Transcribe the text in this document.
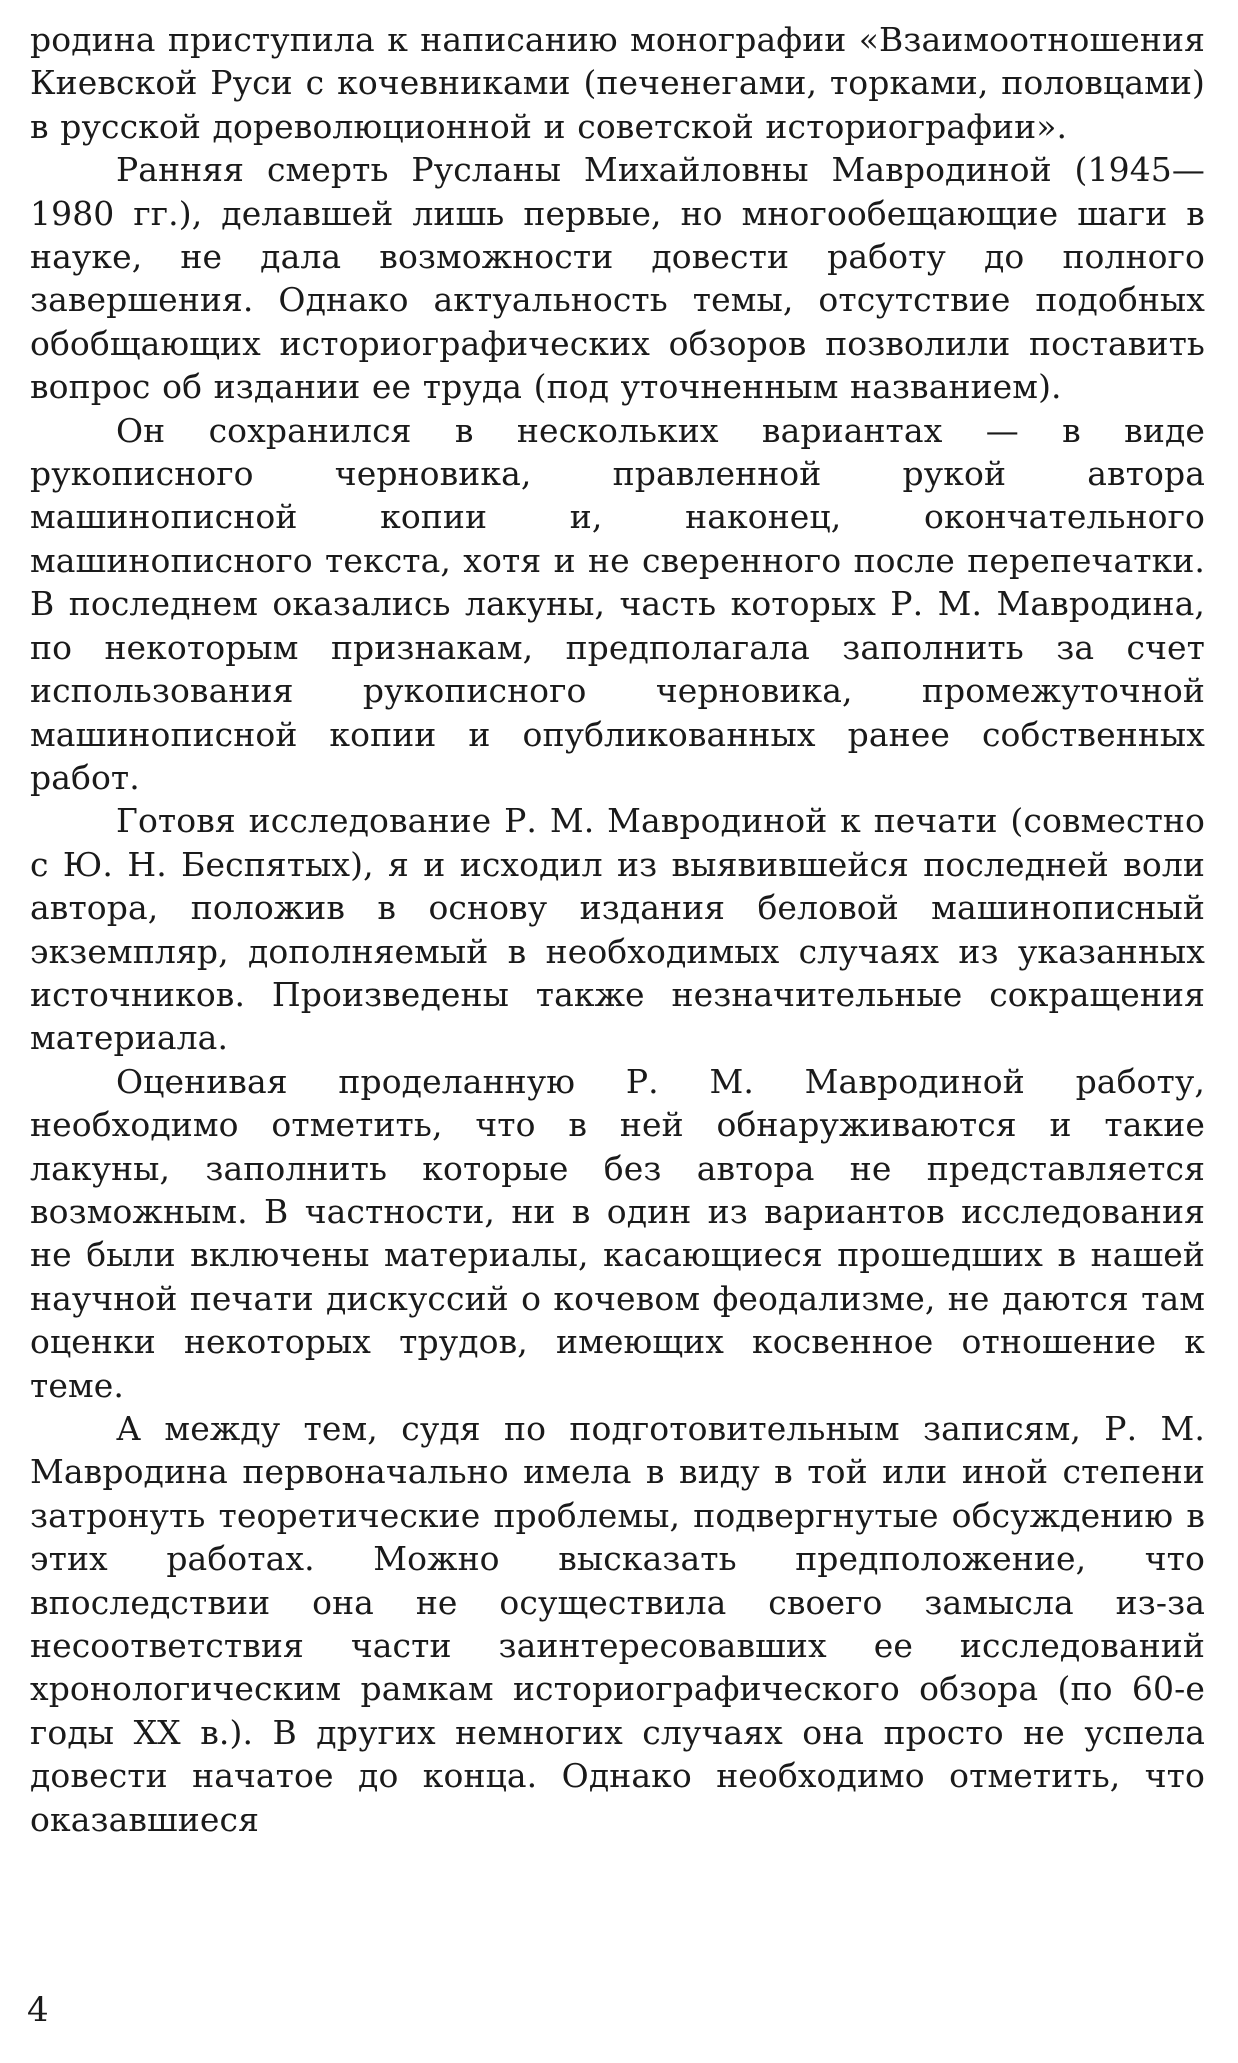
родина приступила к написанию монографии «Взаимоотношения Киевской Руси с кочевниками (печенегами, торками, половцами) в русской дореволюционной и советской историографии».

Ранняя смерть Русланы Михайловны Мавродиной (1945—1980 гг.), делавшей лишь первые, но многообещающие шаги в науке, не дала возможности довести работу до полного завершения. Однако актуальность темы, отсутствие подобных обобщающих историографических обзоров позволили поставить вопрос об издании ее труда (под уточненным названием).

Он сохранился в нескольких вариантах — в виде рукописного черновика, правленной рукой автора машинописной копии и, наконец, окончательного машинописного текста, хотя и не сверенного после перепечатки. В последнем оказались лакуны, часть которых Р. М. Мавродина, по некоторым признакам, предполагала заполнить за счет использования рукописного черновика, промежуточной машинописной копии и опубликованных ранее собственных работ.

Готовя исследование Р. М. Мавродиной к печати (совместно с Ю. Н. Беспятых), я и исходил из выявившейся последней воли автора, положив в основу издания беловой машинописный экземпляр, дополняемый в необходимых случаях из указанных источников. Произведены также незначительные сокращения материала.

Оценивая проделанную Р. М. Мавродиной работу, необходимо отметить, что в ней обнаруживаются и такие лакуны, заполнить которые без автора не представляется возможным. В частности, ни в один из вариантов исследования не были включены материалы, касающиеся прошедших в нашей научной печати дискуссий о кочевом феодализме, не даются там оценки некоторых трудов, имеющих косвенное отношение к теме.

А между тем, судя по подготовительным записям, Р. М. Мавродина первоначально имела в виду в той или иной степени затронуть теоретические проблемы, подвергнутые обсуждению в этих работах. Можно высказать предположение, что впоследствии она не осуществила своего замысла из-за несоответствия части заинтересовавших ее исследований хронологическим рамкам историографического обзора (по 60-е годы XX в.). В других немногих случаях она просто не успела довести начатое до конца. Однако необходимо отметить, что оказавшиеся

4
